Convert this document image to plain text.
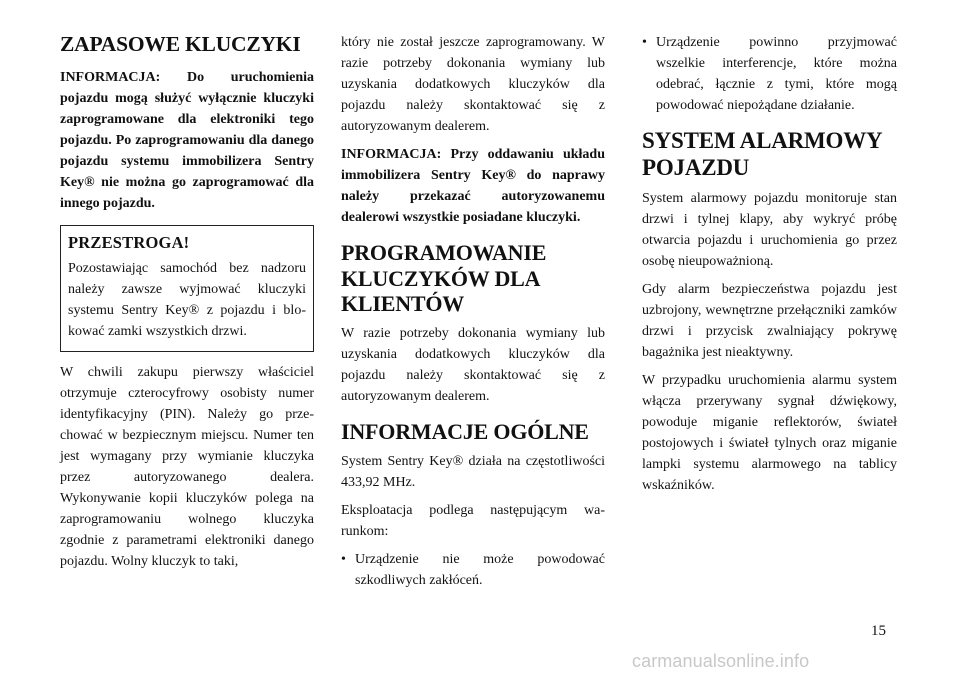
ZAPASOWE KLUCZYKI

INFORMACJA: Do uruchomienia pojazdu mogą służyć wyłącznie kluczyki zaprogramowane dla elektroniki tego pojazdu. Po zaprogramowaniu dla danego pojazdu systemu immobilizera Sentry Key® nie można go zaprogramować dla innego pojazdu.

PRZESTROGA!

Pozostawiając samochód bez nadzoru należy zawsze wyjmować kluczyki systemu Sentry Key® z pojazdu i blokować zamki wszystkich drzwi.

W chwili zakupu pierwszy właściciel otrzymuje czterocyfrowy osobisty numer identyfikacyjny (PIN). Należy go przechować w bezpiecznym miejscu. Numer ten jest wymagany przy wymianie kluczyka przez autoryzowanego dealera. Wykonywanie kopii kluczyków polega na zaprogramowaniu wolnego kluczyka zgodnie z parametrami elektroniki danego pojazdu. Wolny kluczyk to taki,

który nie został jeszcze zaprogramowany. W razie potrzeby dokonania wymiany lub uzyskania dodatkowych kluczyków dla pojazdu należy skontaktować się z autoryzowanym dealerem.

INFORMACJA: Przy oddawaniu układu immobilizera Sentry Key® do naprawy należy przekazać autoryzowanemu dealerowi wszystkie posiadane kluczyki.

PROGRAMOWANIE KLUCZYKÓW DLA KLIENTÓW

W razie potrzeby dokonania wymiany lub uzyskania dodatkowych kluczyków dla pojazdu należy skontaktować się z autoryzowanym dealerem.

INFORMACJE OGÓLNE

System Sentry Key® działa na częstotliwości 433,92 MHz.

Eksploatacja podlega następującym warunkom:

• Urządzenie nie może powodować szkodliwych zakłóceń.
• Urządzenie powinno przyjmować wszelkie interferencje, które można odebrać, łącznie z tymi, które mogą powodować niepożądane działanie.
SYSTEM ALARMOWY POJAZDU

System alarmowy pojazdu monitoruje stan drzwi i tylnej klapy, aby wykryć próbę otwarcia pojazdu i uruchomienia go przez osobę nieupoważnioną.

Gdy alarm bezpieczeństwa pojazdu jest uzbrojony, wewnętrzne przełączniki zamków drzwi i przycisk zwalniający pokrywę bagażnika jest nieaktywny.

W przypadku uruchomienia alarmu system włącza przerywany sygnał dźwiękowy, powoduje miganie reflektorów, świateł postojowych i świateł tylnych oraz miganie lampki systemu alarmowego na tablicy wskaźników.

15
carmanualsonline.info
